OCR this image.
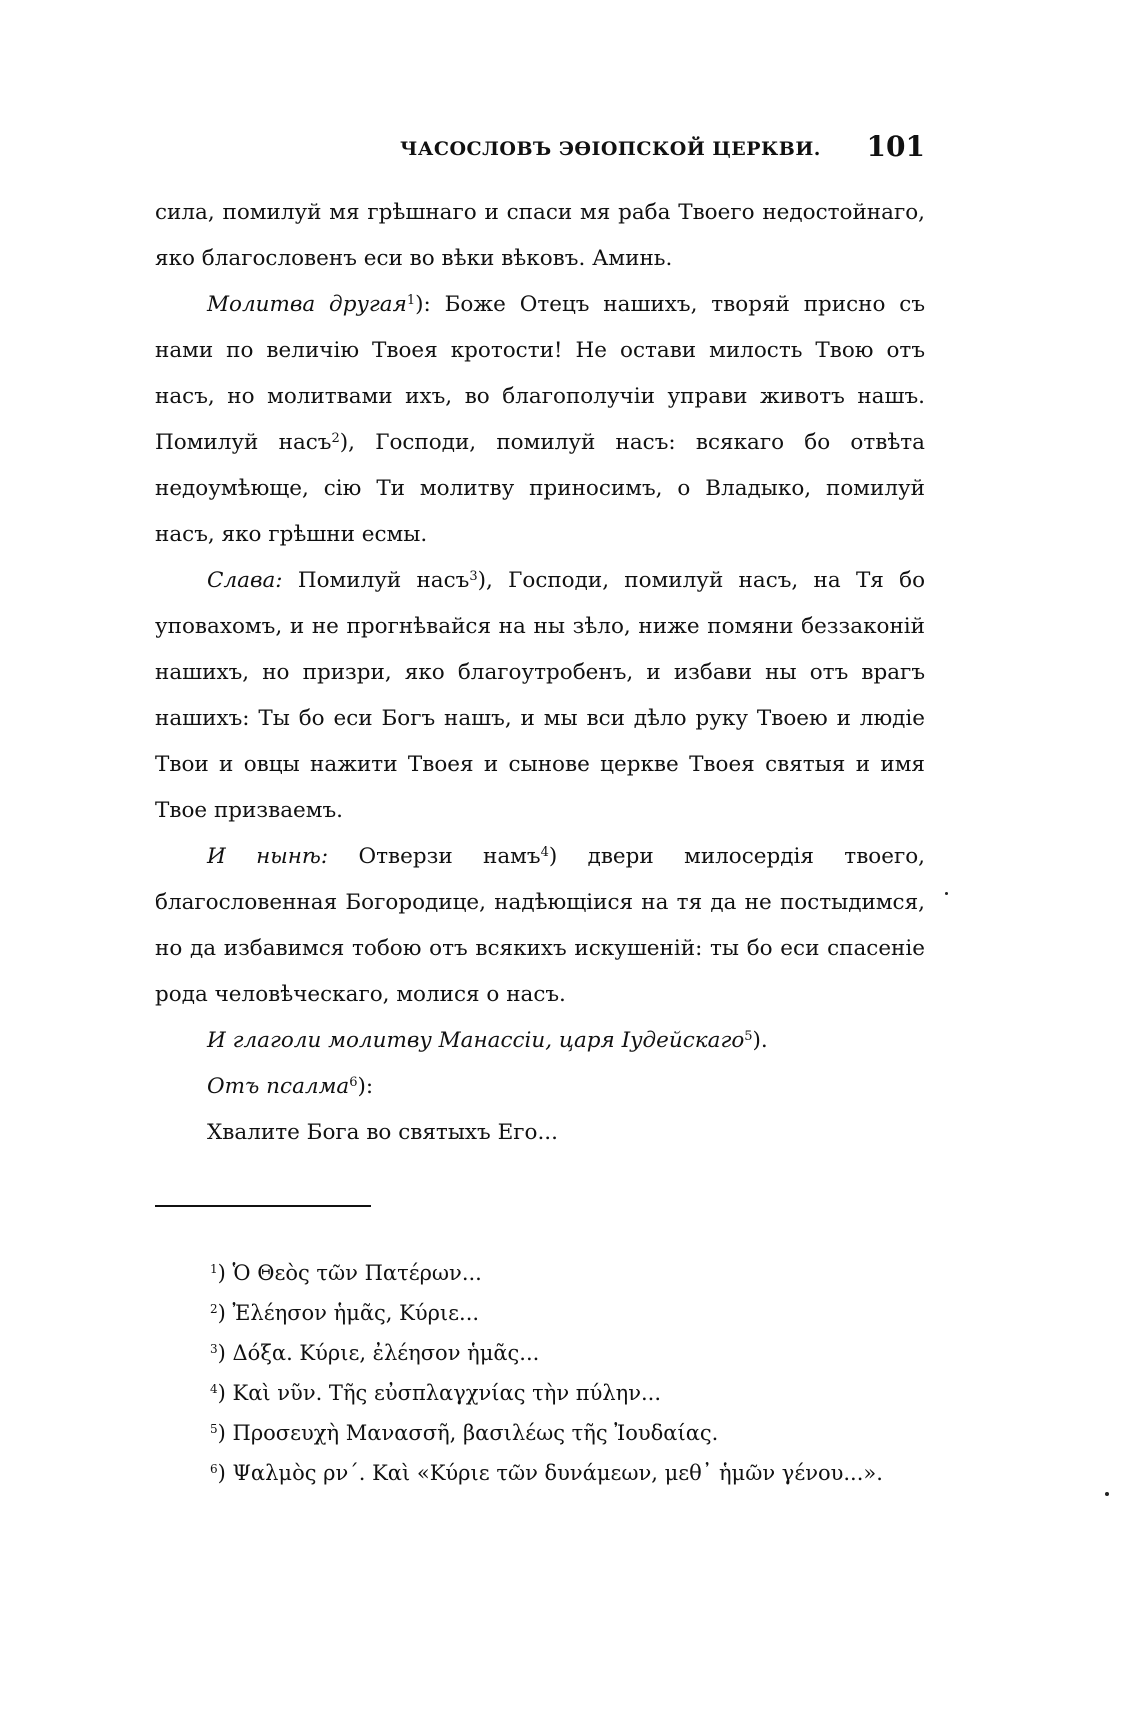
ЧАСОСЛОВЪ ЭѲІОПСКОЙ ЦЕРКВИ. 101

сила, помилуй мя грѣшнаго и спаси мя раба Твоего недостойнаго, яко благословенъ еси во вѣки вѣковъ. Аминь.

Молитва другая$^1$): Боже Отецъ нашихъ, творяй присно съ нами по величію Твоея кротости! Не остави милость Твою отъ насъ, но молитвами ихъ, во благополучіи управи животъ нашъ. Помилуй насъ$^2$), Господи, помилуй насъ: всякаго бо отвѣта недоумѣюще, сію Ти молитву приносимъ, о Владыко, помилуй насъ, яко грѣшни есмы.

Слава: Помилуй насъ$^3$), Господи, помилуй насъ, на Тя бо уповахомъ, и не прогнѣвайся на ны зѣло, ниже помяни беззаконій нашихъ, но призри, яко благоутробенъ, и избави ны отъ врагъ нашихъ: Ты бо еси Богъ нашъ, и мы вси дѣло руку Твоею и людіе Твои и овцы нажити Твоея и сынове церкве Твоея святыя и имя Твое призваемъ.

И нынѣ: Отверзи намъ$^4$) двери милосердія твоего, благословенная Богородице, надѣющіися на тя да не постыдимся, но да избавимся тобою отъ всякихъ искушеній: ты бо еси спасеніе рода человѣческаго, молися о насъ.

И глаголи молитву Манассіи, царя Іудейскаго$^5$).

Отъ псалма$^6$):

Хвалите Бога во святыхъ Его...

$^1$) Ὁ Θεὸς τῶν Πατέρων...

$^2$) Ἐλέησον ἡμᾶς, Κύριε...

$^3$) Δόξα. Κύριε, ἐλέησον ἡμᾶς...

$^4$) Καὶ νῦν. Τῆς εὐσπλαγχνίας τὴν πύλην...

$^5$) Προσευχὴ Μανασσῆ, βασιλέως τῆς Ἰουδαίας.

$^6$) Ψαλμὸς ρν΄. Καὶ «Κύριε τῶν δυνάμεων, μεθ᾽ ἡμῶν γένου...».
